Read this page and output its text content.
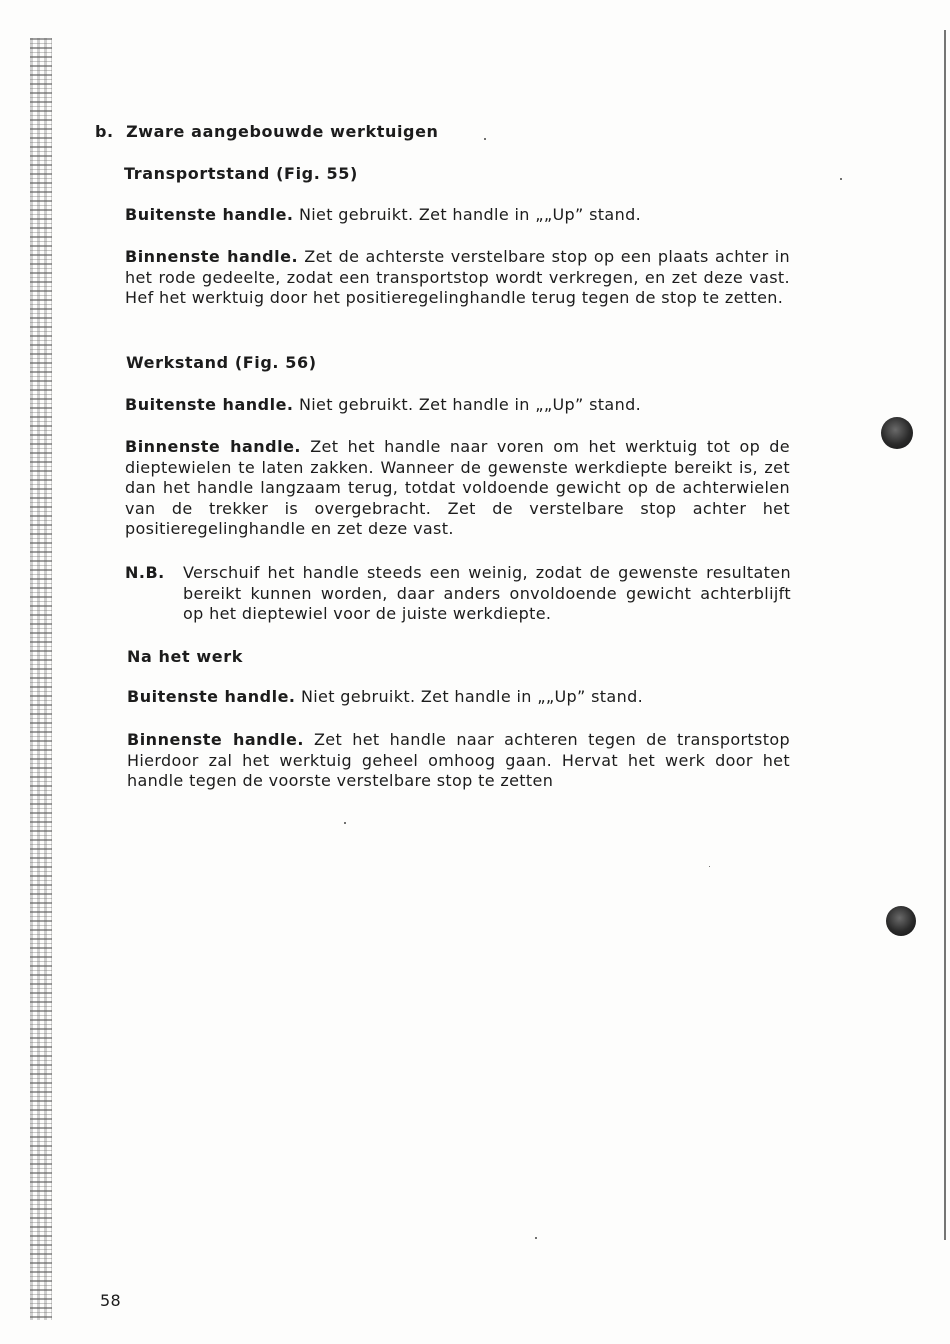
b. Zware aangebouwde werktuigen
Transportstand (Fig. 55)

Buitenste handle. Niet gebruikt. Zet handle in „„Up” stand.

Binnenste handle. Zet de achterste verstelbare stop op een plaats achter in het rode gedeelte, zodat een transportstop wordt verkregen, en zet deze vast. Hef het werktuig door het positieregelinghandle terug tegen de stop te zetten.

Werkstand (Fig. 56)

Buitenste handle. Niet gebruikt. Zet handle in „„Up” stand.

Binnenste handle. Zet het handle naar voren om het werktuig tot op de dieptewielen te laten zakken. Wanneer de gewenste werkdiepte bereikt is, zet dan het handle langzaam terug, totdat voldoende gewicht op de achterwielen van de trekker is overgebracht. Zet de verstelbare stop achter het positieregelinghandle en zet deze vast.

N.B. Verschuif het handle steeds een weinig, zodat de gewenste resultaten bereikt kunnen worden, daar anders onvoldoende gewicht achterblijft op het dieptewiel voor de juiste werkdiepte.

Na het werk

Buitenste handle. Niet gebruikt. Zet handle in „„Up” stand.

Binnenste handle. Zet het handle naar achteren tegen de transportstop Hierdoor zal het werktuig geheel omhoog gaan. Hervat het werk door het handle tegen de voorste verstelbare stop te zetten

58
